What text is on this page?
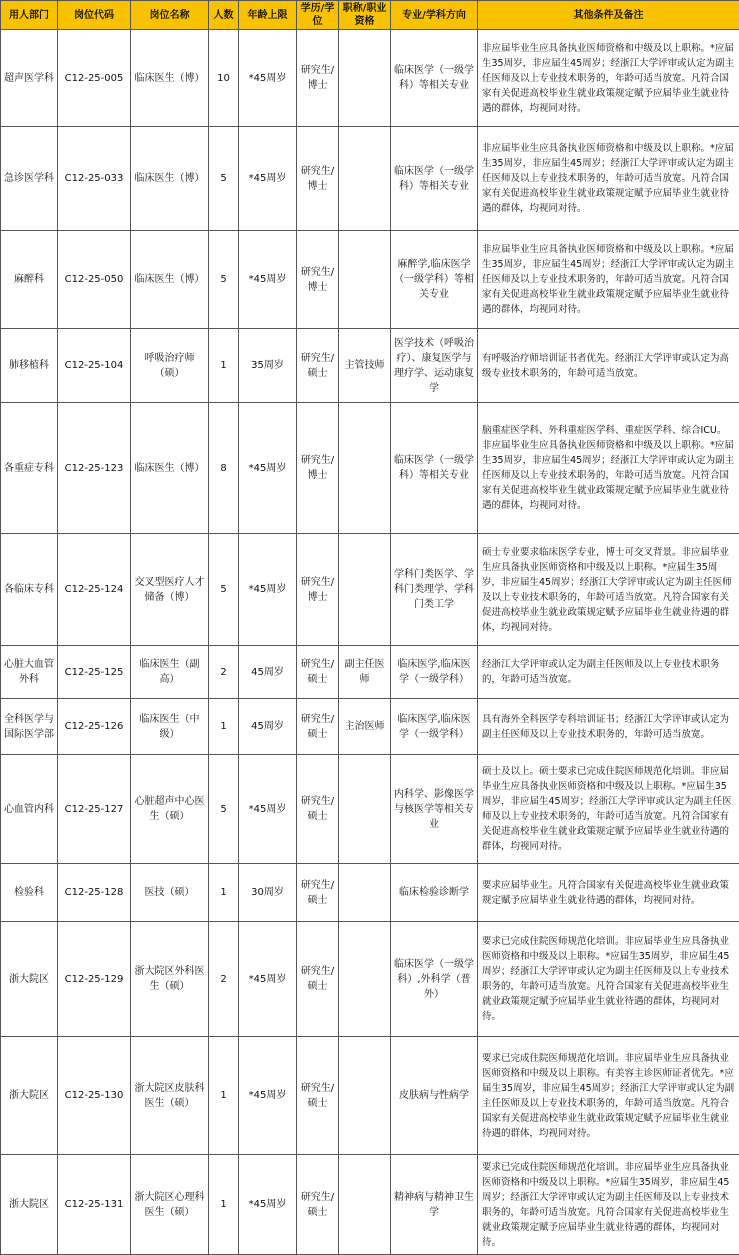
用人部门	岗位代码	岗位名称	人数	年龄上限	学历/学位	职称/职业资格	专业/学科方向	其他条件及备注
超声医学科	C12-25-005	临床医生（博）	10	*45周岁	研究生/博士		临床医学（一级学科）等相关专业	非应届毕业生应具备执业医师资格和中级及以上职称。*应届生35周岁，非应届生45周岁；经浙江大学评审或认定为副主任医师及以上专业技术职务的，年龄可适当放宽。凡符合国家有关促进高校毕业生就业政策规定赋予应届毕业生就业待遇的群体，均视同对待。
急诊医学科	C12-25-033	临床医生（博）	5	*45周岁	研究生/博士		临床医学（一级学科）等相关专业	非应届毕业生应具备执业医师资格和中级及以上职称。*应届生35周岁，非应届生45周岁；经浙江大学评审或认定为副主任医师及以上专业技术职务的，年龄可适当放宽。凡符合国家有关促进高校毕业生就业政策规定赋予应届毕业生就业待遇的群体，均视同对待。
麻醉科	C12-25-050	临床医生（博）	5	*45周岁	研究生/博士		麻醉学,临床医学（一级学科）等相关专业	非应届毕业生应具备执业医师资格和中级及以上职称。*应届生35周岁，非应届生45周岁；经浙江大学评审或认定为副主任医师及以上专业技术职务的，年龄可适当放宽。凡符合国家有关促进高校毕业生就业政策规定赋予应届毕业生就业待遇的群体，均视同对待。
肺移植科	C12-25-104	呼吸治疗师（硕）	1	35周岁	研究生/硕士	主管技师	医学技术（呼吸治疗）、康复医学与理疗学、运动康复学	有呼吸治疗师培训证书者优先。经浙江大学评审或认定为高级专业技术职务的，年龄可适当放宽。
各重症专科	C12-25-123	临床医生（博）	8	*45周岁	研究生/博士		临床医学（一级学科）等相关专业	脑重症医学科、外科重症医学科、重症医学科、综合ICU。非应届毕业生应具备执业医师资格和中级及以上职称。*应届生35周岁，非应届生45周岁；经浙江大学评审或认定为副主任医师及以上专业技术职务的，年龄可适当放宽。凡符合国家有关促进高校毕业生就业政策规定赋予应届毕业生就业待遇的群体，均视同对待。
各临床专科	C12-25-124	交叉型医疗人才储备（博）	5	*45周岁	研究生/博士		学科门类医学、学科门类理学、学科门类工学	硕士专业要求临床医学专业，博士可交叉背景。非应届毕业生应具备执业医师资格和中级及以上职称。*应届生35周岁，非应届生45周岁；经浙江大学评审或认定为副主任医师及以上专业技术职务的，年龄可适当放宽。凡符合国家有关促进高校毕业生就业政策规定赋予应届毕业生就业待遇的群体，均视同对待。
心脏大血管外科	C12-25-125	临床医生（副高）	2	45周岁	研究生/硕士	副主任医师	临床医学,临床医学（一级学科）	经浙江大学评审或认定为副主任医师及以上专业技术职务的，年龄可适当放宽。
全科医学与国际医学部	C12-25-126	临床医生（中级）	1	45周岁	研究生/硕士	主治医师	临床医学,临床医学（一级学科）	具有海外全科医学专科培训证书；经浙江大学评审或认定为副主任医师及以上专业技术职务的，年龄可适当放宽。
心血管内科	C12-25-127	心脏超声中心医生（硕）	5	*45周岁	研究生/硕士		内科学、影像医学与核医学等相关专业	硕士及以上。硕士要求已完成住院医师规范化培训。非应届毕业生应具备执业医师资格和中级及以上职称。*应届生35周岁，非应届生45周岁；经浙江大学评审或认定为副主任医师及以上专业技术职务的，年龄可适当放宽。凡符合国家有关促进高校毕业生就业政策规定赋予应届毕业生就业待遇的群体，均视同对待。
检验科	C12-25-128	医技（硕）	1	30周岁	研究生/硕士		临床检验诊断学	要求应届毕业生。凡符合国家有关促进高校毕业生就业政策规定赋予应届毕业生就业待遇的群体，均视同对待。
浙大院区	C12-25-129	浙大院区外科医生（硕）	2	*45周岁	研究生/硕士		临床医学（一级学科）,外科学（普外）	要求已完成住院医师规范化培训。非应届毕业生应具备执业医师资格和中级及以上职称。*应届生35周岁，非应届生45周岁；经浙江大学评审或认定为副主任医师及以上专业技术职务的，年龄可适当放宽。凡符合国家有关促进高校毕业生就业政策规定赋予应届毕业生就业待遇的群体，均视同对待。
浙大院区	C12-25-130	浙大院区皮肤科医生（硕）	1	*45周岁	研究生/硕士		皮肤病与性病学	要求已完成住院医师规范化培训。非应届毕业生应具备执业医师资格和中级及以上职称。有美容主诊医师证者优先。*应届生35周岁，非应届生45周岁；经浙江大学评审或认定为副主任医师及以上专业技术职务的，年龄可适当放宽。凡符合国家有关促进高校毕业生就业政策规定赋予应届毕业生就业待遇的群体，均视同对待。
浙大院区	C12-25-131	浙大院区心理科医生（硕）	1	*45周岁	研究生/硕士		精神病与精神卫生学	要求已完成住院医师规范化培训。非应届毕业生应具备执业医师资格和中级及以上职称。*应届生35周岁，非应届生45周岁；经浙江大学评审或认定为副主任医师及以上专业技术职务的，年龄可适当放宽。凡符合国家有关促进高校毕业生就业政策规定赋予应届毕业生就业待遇的群体，均视同对待。
